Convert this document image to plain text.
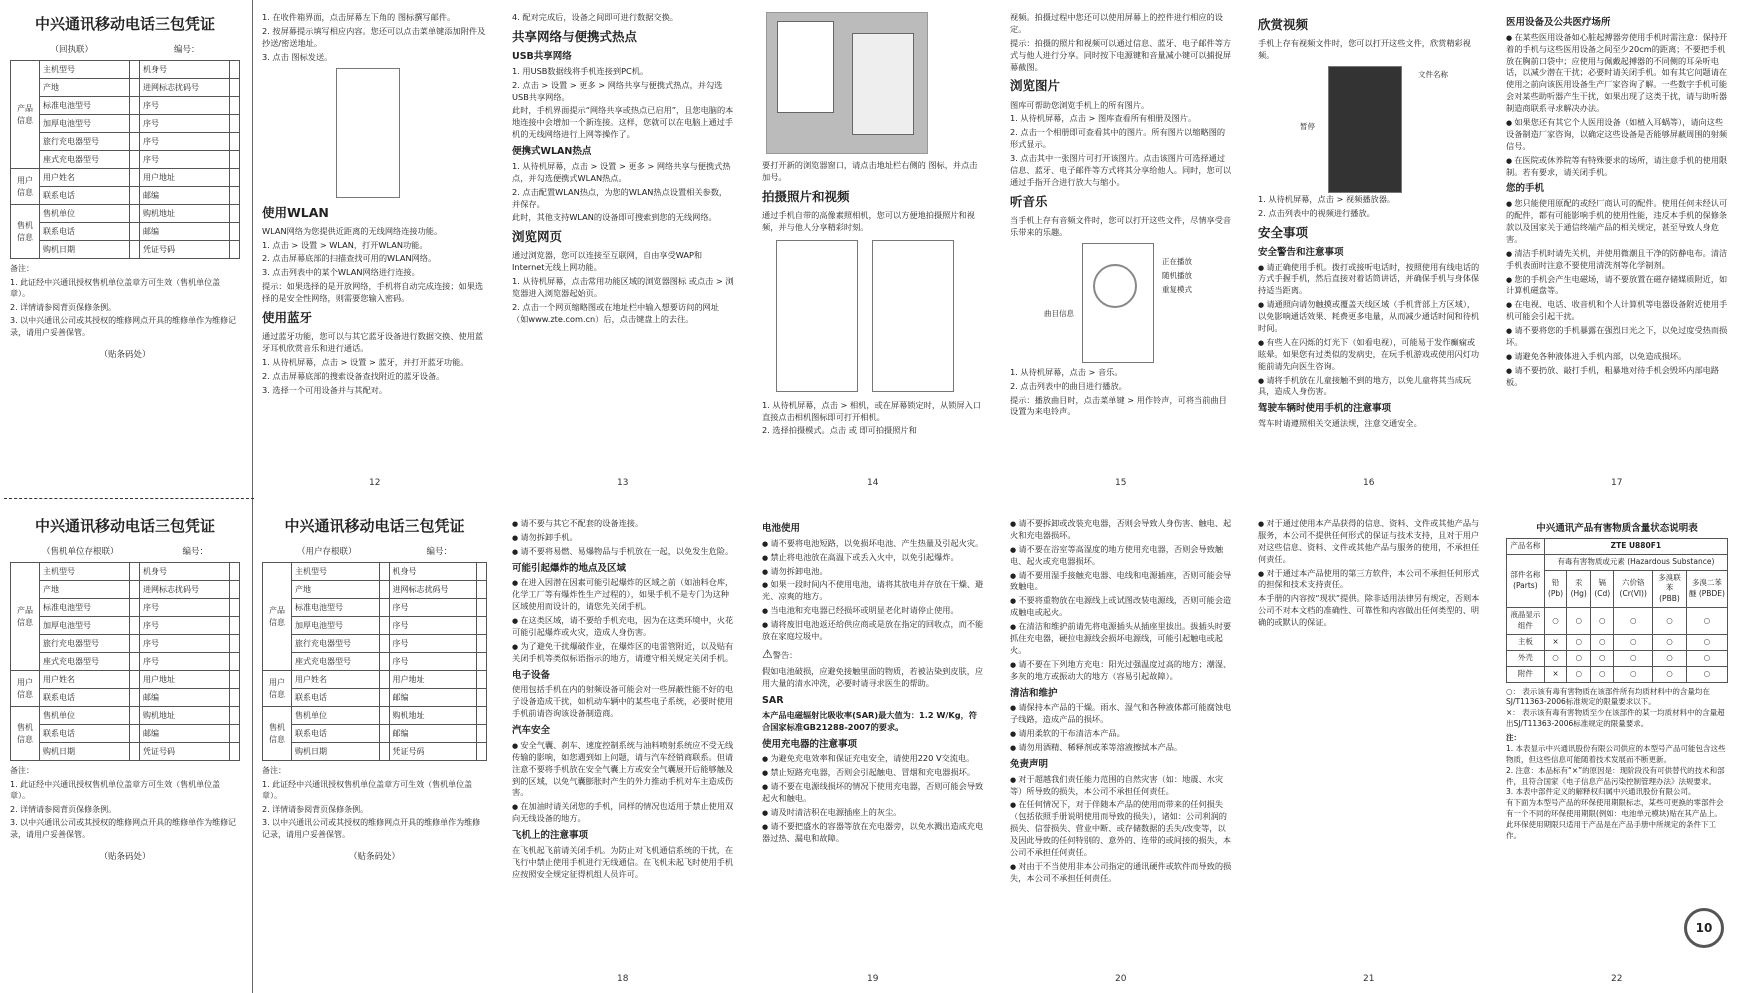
中兴通讯移动电话三包凭证
（回执联）	编号：
产品信息	主机型号		机身号	
	产地		进网标志扰码号	
	标准电池型号		序号	
	加厚电池型号		序号	
	旅行充电器型号		序号	
	座式充电器型号		序号	
用户信息	用户姓名		用户地址	
	联系电话		邮编	
售机信息	售机单位		购机地址	
	联系电话		邮编	
	购机日期		凭证号码	
备注：
1. 此证经中兴通讯授权售机单位盖章方可生效（售机单位盖章）。
2. 详情请参阅背页保修条例。
3. 以中兴通讯公司或其授权的维修网点开具的维修单作为维修记录，请用户妥善保管。
（贴条码处）
中兴通讯移动电话三包凭证
（售机单位存根联）	编号：
产品信息	主机型号		机身号	
	产地		进网标志扰码号	
	标准电池型号		序号	
	加厚电池型号		序号	
	旅行充电器型号		序号	
	座式充电器型号		序号	
用户信息	用户姓名		用户地址	
	联系电话		邮编	
售机信息	售机单位		购机地址	
	联系电话		邮编	
	购机日期		凭证号码	
备注：
1. 此证经中兴通讯授权售机单位盖章方可生效（售机单位盖章）。
2. 详情请参阅背页保修条例。
3. 以中兴通讯公司或其授权的维修网点开具的维修单作为维修记录，请用户妥善保管。
（贴条码处）
中兴通讯移动电话三包凭证
（用户存根联）	编号：
产品信息	主机型号		机身号	
	产地		进网标志扰码号	
	标准电池型号		序号	
	加厚电池型号		序号	
	旅行充电器型号		序号	
	座式充电器型号		序号	
用户信息	用户姓名		用户地址	
	联系电话		邮编	
售机信息	售机单位		购机地址	
	联系电话		邮编	
	购机日期		凭证号码	
备注：
1. 此证经中兴通讯授权售机单位盖章方可生效（售机单位盖章）。
2. 详情请参阅背页保修条例。
3. 以中兴通讯公司或其授权的维修网点开具的维修单作为维修记录，请用户妥善保管。
（贴条码处）
1. 在收件箱界面，点击屏幕左下角的 图标撰写邮件。
2. 按屏幕提示填写相应内容。您还可以点击菜单键添加附件及抄送/密送地址。
3. 点击 图标发送。
使用WLAN

WLAN网络为您提供近距离的无线网络连接功能。

1. 点击 > 设置 > WLAN，打开WLAN功能。
2. 点击屏幕底部的扫描查找可用的WLAN网络。
3. 点击列表中的某个WLAN网络进行连接。

提示：如果选择的是开放网络，手机将自动完成连接；如果选择的是安全性网络，则需要您输入密码。

使用蓝牙

通过蓝牙功能，您可以与其它蓝牙设备进行数据交换、使用蓝牙耳机欣赏音乐和进行通话。

1. 从待机屏幕，点击 > 设置 > 蓝牙，并打开蓝牙功能。
2. 点击屏幕底部的搜索设备查找附近的蓝牙设备。
3. 选择一个可用设备并与其配对。
12
4. 配对完成后，设备之间即可进行数据交换。
共享网络与便携式热点
USB共享网络
1. 用USB数据线将手机连接到PC机。
2. 点击 > 设置 > 更多 > 网络共享与便携式热点，并勾选USB共享网络。

此时，手机界面提示“网络共享或热点已启用”，且您电脑的本地连接中会增加一个新连接。这样，您就可以在电脑上通过手机的无线网络进行上网等操作了。

便携式WLAN热点
1. 从待机屏幕，点击 > 设置 > 更多 > 网络共享与便携式热点，并勾选便携式WLAN热点。
2. 点击配置WLAN热点，为您的WLAN热点设置相关参数，并保存。

此时，其他支持WLAN的设备即可搜索到您的无线网络。

浏览网页

通过浏览器，您可以连接至互联网，自由享受WAP和Internet无线上网功能。

1. 从待机屏幕，点击常用功能区域的浏览器图标 或点击 > 浏览器进入浏览器起始页。
2. 点击一个网页缩略图或在地址栏中输入想要访问的网址（如www.zte.com.cn）后，点击键盘上的去往。
13

要打开新的浏览器窗口，请点击地址栏右侧的 图标，并点击加号。

拍摄照片和视频

通过手机自带的高像素照相机，您可以方便地拍摄照片和视频，并与他人分享精彩时刻。

1. 从待机屏幕，点击 > 相机，或在屏幕锁定时，从锁屏入口直接点击相机图标即可打开相机。
2. 选择拍摄模式。点击 或 即可拍摄照片和
14

视频。拍摄过程中您还可以使用屏幕上的控件进行相应的设定。

提示：拍摄的照片和视频可以通过信息、蓝牙、电子邮件等方式与他人进行分享。同时按下电源键和音量减小键可以捕捉屏幕截图。

浏览图片

图库可帮助您浏览手机上的所有图片。

1. 从待机屏幕，点击 > 图库查看所有相册及图片。
2. 点击一个相册即可查看其中的图片。所有图片以缩略图的形式显示。
3. 点击其中一张图片可打开该图片。点击该图片可选择通过信息、蓝牙、电子邮件等方式将其分享给他人。同时，您可以通过手指开合进行放大与缩小。
听音乐

当手机上存有音频文件时，您可以打开这些文件，尽情享受音乐带来的乐趣。

正在播放
随机播放
重复模式
曲目信息
1. 从待机屏幕，点击 > 音乐。
2. 点击列表中的曲目进行播放。

提示：播放曲目时，点击菜单键 > 用作铃声，可将当前曲目设置为来电铃声。

15
欣赏视频

手机上存有视频文件时，您可以打开这些文件，欣赏精彩视频。

文件名称
暂停
1. 从待机屏幕，点击 > 视频播放器。
2. 点击列表中的视频进行播放。
安全事项
安全警告和注意事项
● 请正确使用手机。拨打或接听电话时，按照使用有线电话的方式手握手机，然后直接对着话筒讲话，并确保手机与身体保持适当距离。
● 请通照向请勿触摸或覆盖天线区域（手机背部上方区域），以免影响通话效果、耗费更多电量，从而减少通话时间和待机时间。
● 有些人在闪烁的灯光下（如看电视），可能易于发作癫痫或眩晕。如果您有过类似的发病史，在玩手机游戏或使用闪灯功能前请先向医生咨询。
● 请将手机放在儿童接触不到的地方，以免儿童将其当成玩具，造成人身伤害。
驾驶车辆时使用手机的注意事项

驾车时请遵照相关交通法规，注意交通安全。

16
医用设备及公共医疗场所
● 在某些医用设备如心脏起搏器旁使用手机时需注意：保持开着的手机与这些医用设备之间至少20cm的距离；不要把手机放在胸前口袋中；应使用与佩戴起搏器的不同侧的耳朵听电话，以减少潜在干扰；必要时请关闭手机。如有其它问题请在使用之前向该医用设备生产厂家咨询了解。一些数字手机可能会对某些助听器产生干扰，如果出现了这类干扰，请与助听器制造商联系寻求解决办法。
● 如果您还有其它个人医用设备（如植入耳蜗等），请向这些设备制造厂家咨询，以确定这些设备是否能够屏蔽周围的射频信号。
● 在医院或休养院等有特殊要求的场所，请注意手机的使用限制。若有要求，请关闭手机。
您的手机
● 您只能使用原配的或经厂商认可的配件。使用任何未经认可的配件，都有可能影响手机的使用性能，违反本手机的保修条款以及国家关于通信终端产品的相关规定，甚至导致人身危害。
● 清洁手机时请先关机，并使用微潮且干净的防静电布。清洁手机表面时注意不要使用清洗剂等化学制剂。
● 您的手机会产生电磁场，请不要放置在磁存储媒质附近，如计算机磁盘等。
● 在电视、电话、收音机和个人计算机等电器设备附近使用手机可能会引起干扰。
● 请不要将您的手机暴露在强烈日光之下，以免过度受热而损坏。
● 请避免各种液体进入手机内部，以免造成损坏。
● 请不要扔放、敲打手机，粗暴地对待手机会毁坏内部电路板。
17
● 请不要与其它不配套的设备连接。
● 请勿拆卸手机。
● 请不要将易燃、易爆物品与手机放在一起，以免发生危险。
可能引起爆炸的地点及区域
● 在进入因潜在因素可能引起爆炸的区域之前（如油料仓库，化学工厂等有爆炸性生产过程的），如果手机不是专门为这种区域使用而设计的，请您先关闭手机。
● 在这类区域，请不要给手机充电，因为在这类环境中，火花可能引起爆炸或火灾，造成人身伤害。
● 为了避免干扰爆破作业，在爆炸区的电雷管附近，以及贴有关闭手机等类似标语指示的地方，请遵守相关规定关闭手机。
电子设备

使用包括手机在内的射频设备可能会对一些屏蔽性能不好的电子设备造成干扰，如机动车辆中的某些电子系统，必要时使用手机前请咨询该设备制造商。

汽车安全
● 安全气囊、刹车、速度控制系统与油料喷射系统应不受无线传输的影响，如您遇到如上问题，请与汽车经销商联系。但请注意不要将手机放在安全气囊上方或安全气囊展开后能够触及到的区域，以免气囊膨胀时产生的外力推动手机对车主造成伤害。
● 在加油时请关闭您的手机，同样的情况也适用于禁止使用双向无线设备的地方。
飞机上的注意事项

在飞机起飞前请关闭手机。为防止对飞机通信系统的干扰，在飞行中禁止使用手机进行无线通信。在飞机未起飞时使用手机应按照安全规定征得机组人员许可。

18
电池使用
● 请不要将电池短路，以免损坏电池、产生热量及引起火灾。
● 禁止将电池放在高温下或丢入火中，以免引起爆炸。
● 请勿拆卸电池。
● 如果一段时间内不使用电池，请将其放电并存放在干燥、避光、凉爽的地方。
● 当电池和充电器已经损坏或明显老化时请停止使用。
● 请将废旧电池返还给供应商或是放在指定的回收点，而不能放在家庭垃圾中。
⚠警告：

假如电池破损，应避免接触里面的物质，若被沾染到皮肤，应用大量的清水冲洗，必要时请寻求医生的帮助。

SAR

本产品电磁辐射比吸收率(SAR)最大值为：1.2 W/Kg，符合国家标准GB21288-2007的要求。

使用充电器的注意事项
● 为避免充电效率和保证充电安全，请使用220 V交流电。
● 禁止短路充电器，否则会引起触电、冒烟和充电器损坏。
● 请不要在电源线损坏的情况下使用充电器，否则可能会导致起火和触电。
● 请及时清洁积在电源插座上的灰尘。
● 请不要把盛水的容器等放在充电器旁，以免水溅出造成充电器过热、漏电和故障。
19
● 请不要拆卸或改装充电器，否则会导致人身伤害、触电、起火和充电器损坏。
● 请不要在浴室等高湿度的地方使用充电器，否则会导致触电、起火或充电器损坏。
● 请不要用湿手接触充电器、电线和电源插座，否则可能会导致触电。
● 不要将重物放在电源线上或试图改装电源线，否则可能会造成触电或起火。
● 在清洁和维护前请先将电源插头从插座里拔出。拔插头时要抓住充电器，硬拉电源线会损坏电源线，可能引起触电或起火。
● 请不要在下列地方充电：阳光过强温度过高的地方；潮湿、多灰的地方或振动大的地方（容易引起故障）。
清洁和维护
● 请保持本产品的干燥。雨水、湿气和各种液体都可能腐蚀电子线路，造成产品的损坏。
● 请用柔软的干布清洁本产品。
● 请勿用酒精、稀释剂或苯等溶液擦拭本产品。
免责声明
● 对于超越我们责任能力范围的自然灾害（如：地震、水灾等）所导致的损失，本公司不承担任何责任。
● 在任何情况下，对于伴随本产品的使用而带来的任何损失（包括依照手册说明使用而导致的损失），诸如：公司利润的损失、信誉损失、营业中断、或存储数据的丢失/改变等，以及因此导致的任何特别的、意外的、连带的或间接的损失，本公司不承担任何责任。
● 对由于不当使用非本公司指定的通讯硬件或软件而导致的损失，本公司不承担任何责任。
20
● 对于通过使用本产品获得的信息、资料、文件或其他产品与服务，本公司不提供任何形式的保证与技术支持，且对于用户对这些信息、资料、文件或其他产品与服务的使用，不承担任何责任。
● 对于通过本产品使用的第三方软件，本公司不承担任何形式的担保和技术支持责任。

本手册的内容按“现状”提供。除非适用法律另有规定，否则本公司不对本文档的准确性、可靠性和内容做出任何类型的、明确的或默认的保证。

21
中兴通讯产品有害物质含量状态说明表
产品名称	ZTE U880F1					
部件名称 (Parts)	有毒有害物质或元素 (Hazardous Substance)					
	铅 (Pb)	汞 (Hg)	镉 (Cd)	六价铬 (Cr(VI))	多溴联苯 (PBB)	多溴二苯醚 (PBDE)
液晶显示组件	○	○	○	○	○	○
主板	×	○	○	○	○	○
外壳	○	○	○	○	○	○
附件	×	○	○	○	○	○
○： 表示该有毒有害物质在该部件所有均质材料中的含量均在SJ/T11363-2006标准规定的限量要求以下。
×： 表示该有毒有害物质至少在该部件的某一均质材料中的含量超出SJ/T11363-2006标准规定的限量要求。
注：
1. 本表显示中兴通讯股份有限公司供应的本型号产品可能包含这些物质，但这些信息可能随着技术发展而不断更新。
2. 注意：本品标有“×”的原因是：现阶段没有可供替代的技术和部件，且符合国家《电子信息产品污染控制管理办法》法规要求。
3. 本表中部件定义的解释权归属中兴通讯股份有限公司。

有下面为本型号产品的环保使用期限标志，某些可更换的零部件会有一个不同的环保使用期限(例如：电池单元模块)贴在其产品上。此环保使用期限只适用于产品是在产品手册中所规定的条件下工作。

10
22
